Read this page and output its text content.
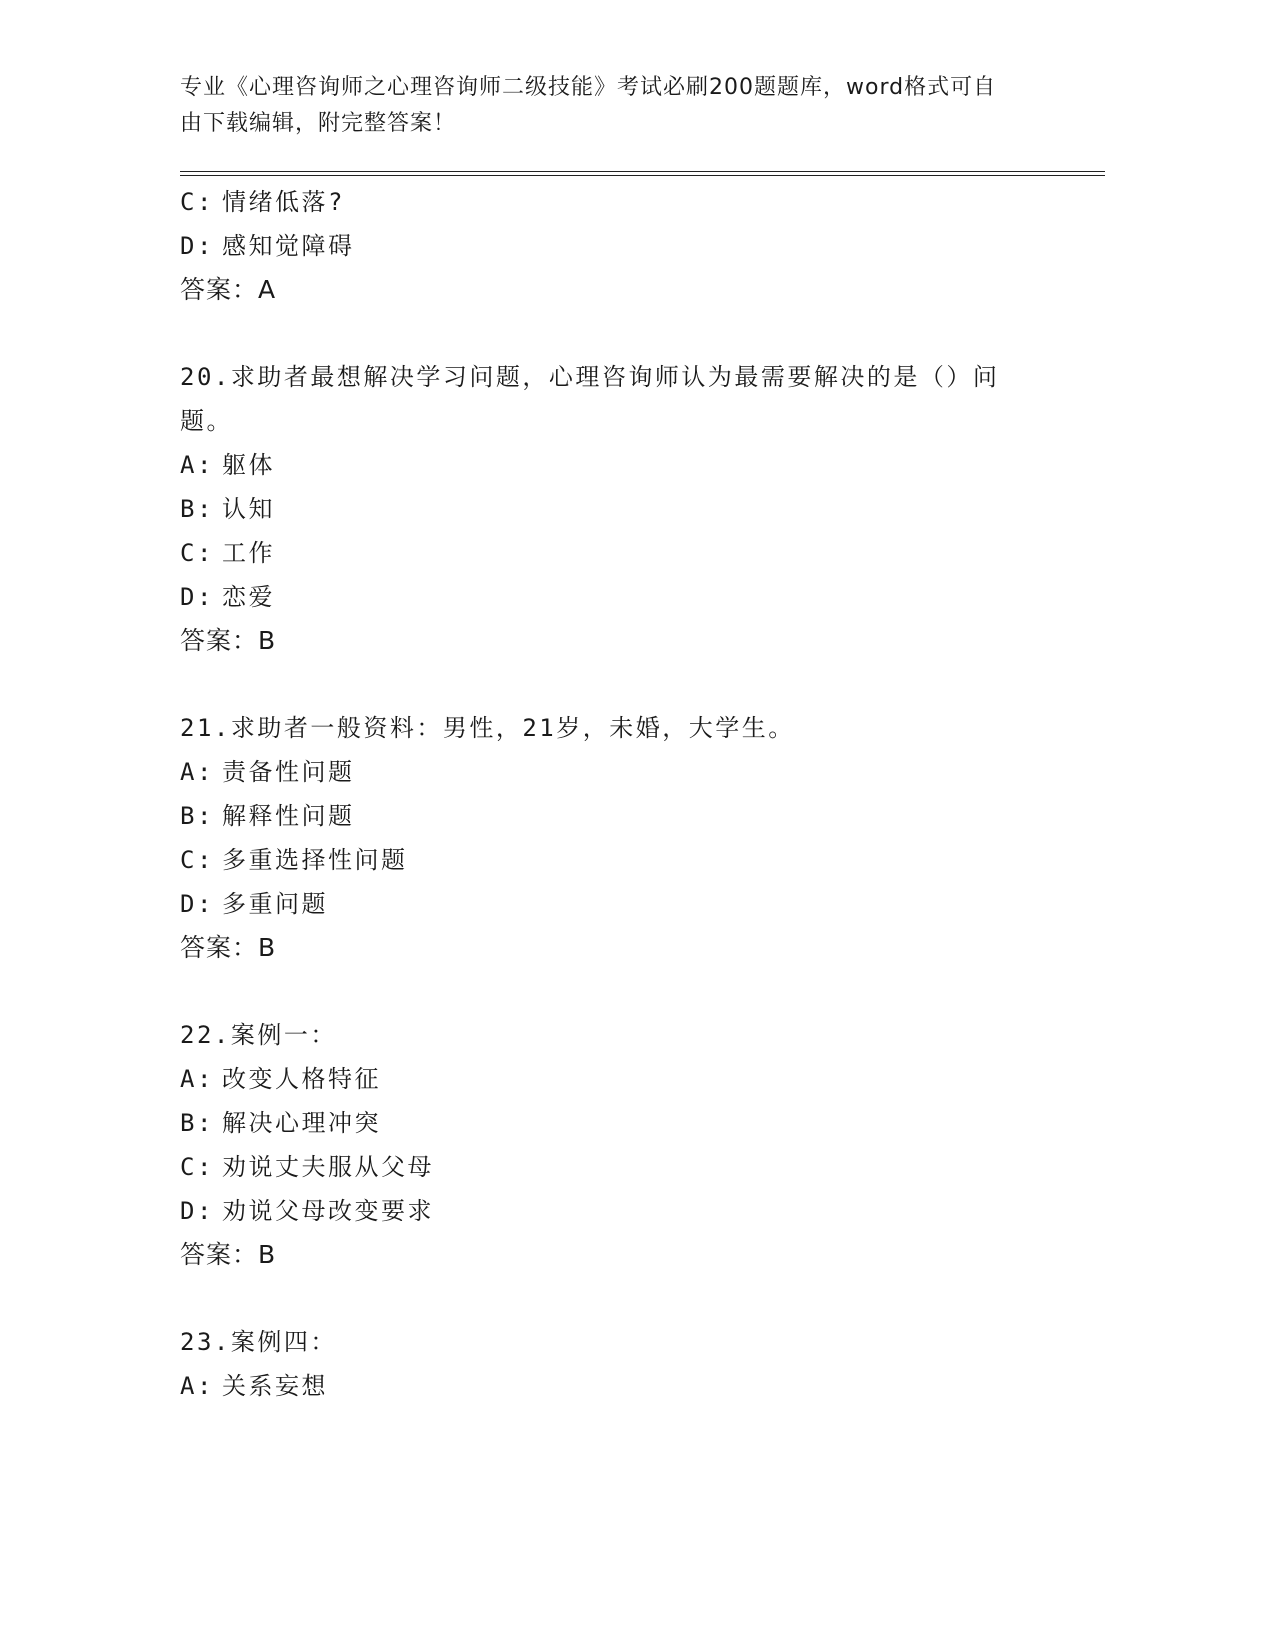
专业《心理咨询师之心理咨询师二级技能》考试必刷200题题库，word格式可自
由下载编辑，附完整答案！
C: 情绪低落?
D: 感知觉障碍
答案：A
20.求助者最想解决学习问题，心理咨询师认为最需要解决的是（）问
题。
A: 躯体
B: 认知
C: 工作
D: 恋爱
答案：B
21.求助者一般资料：男性，21岁，未婚，大学生。
A: 责备性问题
B: 解释性问题
C: 多重选择性问题
D: 多重问题
答案：B
22.案例一：
A: 改变人格特征
B: 解决心理冲突
C: 劝说丈夫服从父母
D: 劝说父母改变要求
答案：B
23.案例四：
A: 关系妄想
